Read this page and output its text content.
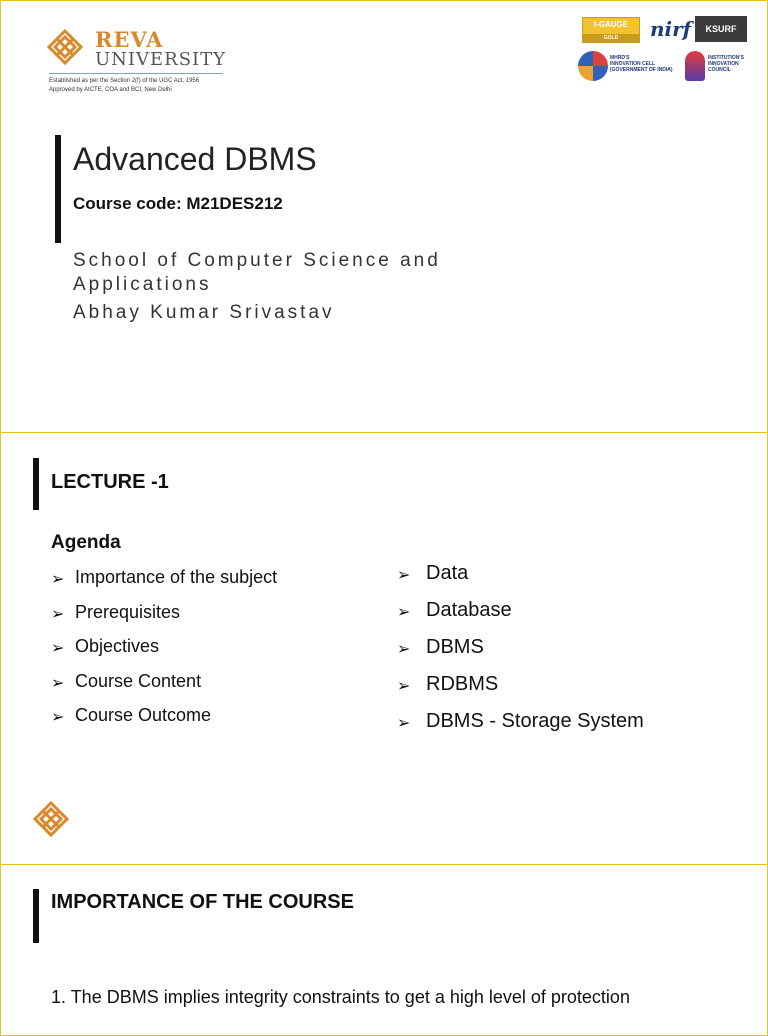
REVA
UNIVERSITY
Established as per the Section 2(f) of the UGC Act, 1956
Approved by AICTE, COA and BCI, New Delhi
I-GAUGE
GOLD	nirf	KSURF
MHRD'S
INNOVATION CELL
(GOVERNMENT OF INDIA)
INSTITUTION'S
INNOVATION
COUNCIL
Advanced DBMS
Course code: M21DES212
School of Computer Science and Applications
Abhay Kumar Srivastav
LECTURE -1
Agenda
➢ Importance of the subject
➢ Prerequisites
➢ Objectives
➢ Course Content
➢ Course Outcome
➢ Data
➢ Database
➢ DBMS
➢ RDBMS
➢ DBMS - Storage System
IMPORTANCE OF THE COURSE
1. The DBMS implies integrity constraints to get a high level of protection
